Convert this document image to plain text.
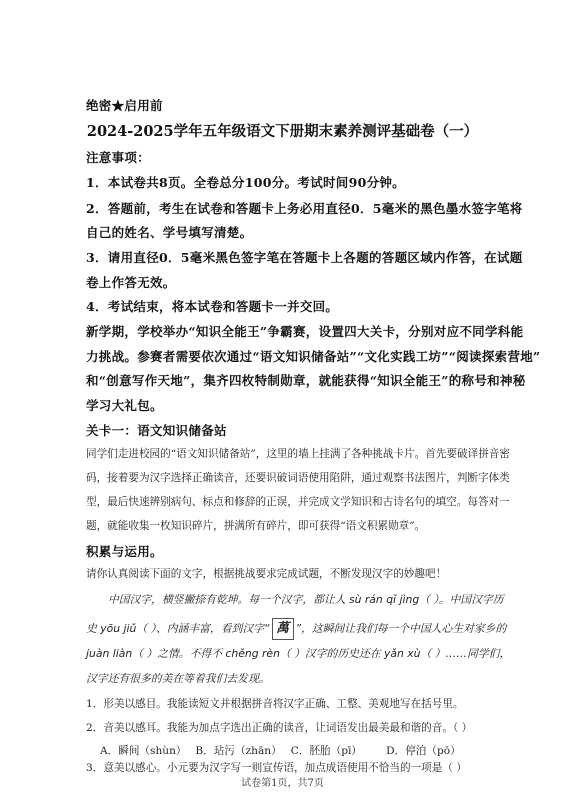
绝密★启用前
2024-2025学年五年级语文下册期末素养测评基础卷（一）
注意事项：
1．本试卷共8页。全卷总分100分。考试时间90分钟。
2．答题前，考生在试卷和答题卡上务必用直径0．5毫米的黑色墨水签字笔将
自己的姓名、学号填写清楚。
3．请用直径0．5毫米黑色签字笔在答题卡上各题的答题区域内作答，在试题
卷上作答无效。
4．考试结束，将本试卷和答题卡一并交回。
新学期，学校举办“知识全能王”争霸赛，设置四大关卡，分别对应不同学科能
力挑战。参赛者需要依次通过“语文知识储备站”“文化实践工坊”“阅读探索营地”
和“创意写作天地”，集齐四枚特制勋章，就能获得“知识全能王”的称号和神秘
学习大礼包。
关卡一：语文知识储备站
同学们走进校园的“语文知识储备站”，这里的墙上挂满了各种挑战卡片。首先要破译拼音密
码，接着要为汉字选择正确读音，还要识破词语使用陷阱，通过观察书法图片，判断字体类
型，最后快速辨别病句、标点和修辞的正误，并完成文学知识和古诗名句的填空。每答对一
题，就能收集一枚知识碎片，拼满所有碎片，即可获得“语文积累勋章”。
积累与运用。
请你认真阅读下面的文字，根据挑战要求完成试题，不断发现汉字的妙趣吧！
中国汉字，横竖撇捺有乾坤。每一个汉字，都让人 sù rán qǐ jìng（ ）。中国汉字历
史 yōu jiǔ（ ）、内涵丰富，看到汉字“ 萬 ”，这瞬间让我们每一个中国人心生对家乡的
juàn liàn（ ）之情。不得不 chěng rèn（ ）汉字的历史还在 yǎn xù（ ）……同学们，
汉字还有很多的美在等着我们去发现。
1．形美以感目。我能读短文并根据拼音将汉字正确、工整、美观地写在括号里。
2．音美以感耳。我能为加点字选出正确的读音，让词语发出最美最和谐的音。（ ）
A．瞬间（shùn） B．玷污（zhān） C．胚胎（pī） D．停泊（pō）
3．意美以感心。小元要为汉字写一则宣传语，加点成语使用不恰当的一项是（ ）
试卷第1页，共7页
